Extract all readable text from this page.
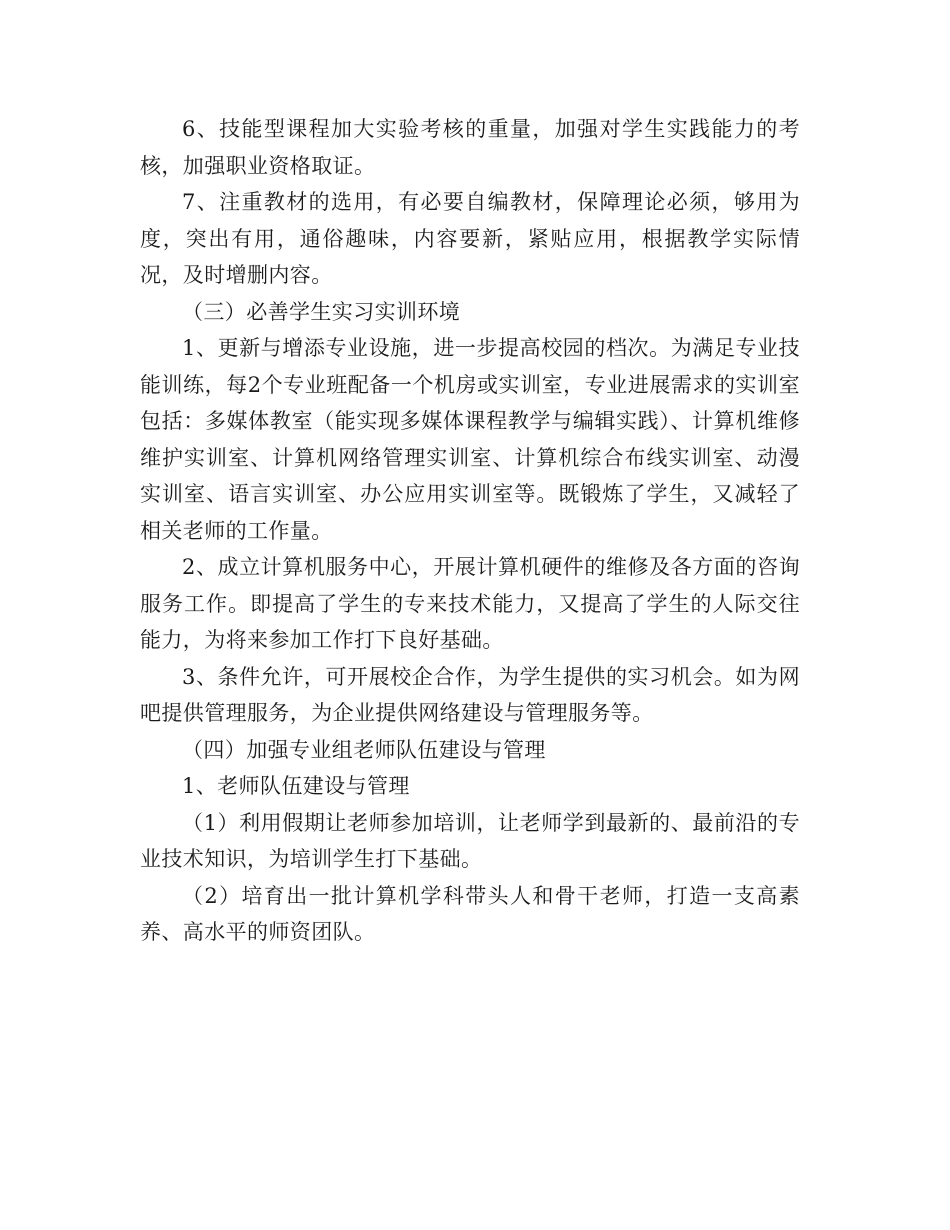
6、技能型课程加大实验考核的重量，加强对学生实践能力的考核，加强职业资格取证。

7、注重教材的选用，有必要自编教材，保障理论必须，够用为度，突出有用，通俗趣味，内容要新，紧贴应用，根据教学实际情况，及时增删内容。

（三）必善学生实习实训环境

1、更新与增添专业设施，进一步提高校园的档次。为满足专业技能训练，每2个专业班配备一个机房或实训室，专业进展需求的实训室包括：多媒体教室（能实现多媒体课程教学与编辑实践）、计算机维修维护实训室、计算机网络管理实训室、计算机综合布线实训室、动漫实训室、语言实训室、办公应用实训室等。既锻炼了学生，又减轻了相关老师的工作量。

2、成立计算机服务中心，开展计算机硬件的维修及各方面的咨询服务工作。即提高了学生的专来技术能力，又提高了学生的人际交往能力，为将来参加工作打下良好基础。

3、条件允许，可开展校企合作，为学生提供的实习机会。如为网吧提供管理服务，为企业提供网络建设与管理服务等。

（四）加强专业组老师队伍建设与管理

1、老师队伍建设与管理

（1）利用假期让老师参加培训，让老师学到最新的、最前沿的专业技术知识，为培训学生打下基础。

（2）培育出一批计算机学科带头人和骨干老师，打造一支高素养、高水平的师资团队。
